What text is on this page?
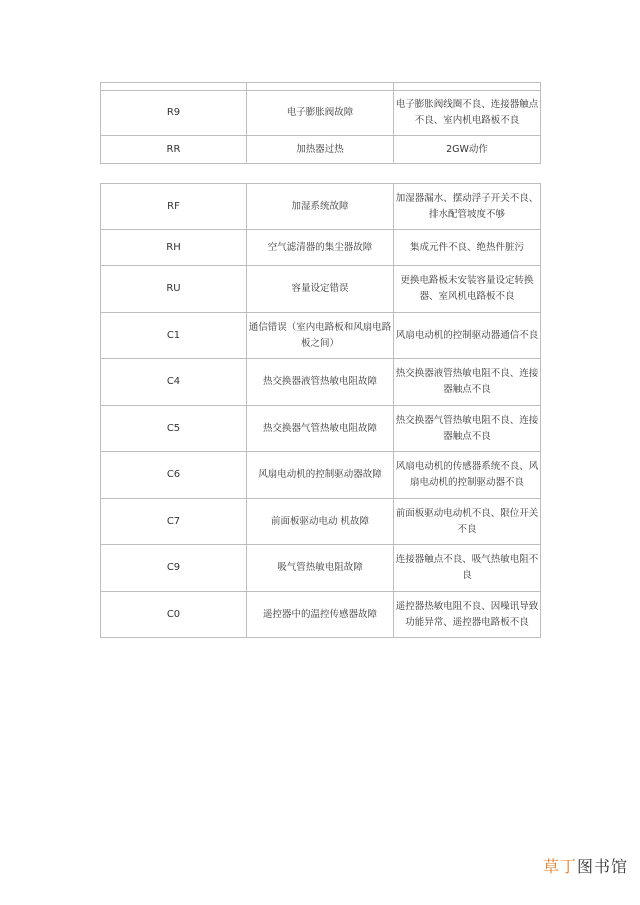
R9	电子膨胀阀故障	电子膨胀阀线圈不良、连接器触点不良、室内机电路板不良
RR	加热器过热	2GW动作
RF	加湿系统故障	加湿器漏水、摆动浮子开关不良、排水配管坡度不够
RH	空气滤清器的集尘器故障	集成元件不良、绝热件脏污
RU	容量设定错误	更换电路板未安装容量设定转换器、室风机电路板不良
C1	通信错误（室内电路板和风扇电路板之间）	风扇电动机的控制驱动器通信不良
C4	热交换器液管热敏电阻故障	热交换器液管热敏电阻不良、连接器触点不良
C5	热交换器气管热敏电阻故障	热交换器气管热敏电阻不良、连接器触点不良
C6	风扇电动机的控制驱动器故障	风扇电动机的传感器系统不良、风扇电动机的控制驱动器不良
C7	前面板驱动电动 机故障	前面板驱动电动机不良、限位开关不良
C9	吸气管热敏电阻故障	连接器触点不良、吸气热敏电阻不良
C0	遥控器中的温控传感器故障	遥控器热敏电阻不良、因噪讯导致功能异常、遥控器电路板不良
草丁图书馆
